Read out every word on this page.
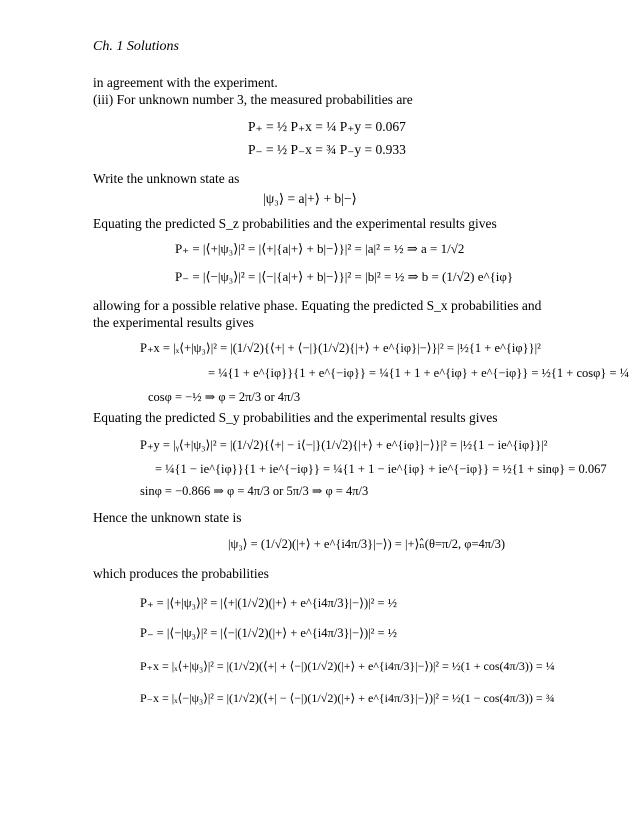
Ch. 1 Solutions
in agreement with the experiment.
(iii) For unknown number 3, the measured probabilities are
P₊ = ½ P₊x = ¼ P₊y = 0.067
P₋ = ½ P₋x = ¾ P₋y = 0.933
Write the unknown state as
|ψ₃⟩ = a|+⟩ + b|−⟩
Equating the predicted S_z probabilities and the experimental results gives
P₊ = |⟨+|ψ₃⟩|² = |⟨+|{a|+⟩ + b|−⟩}|² = |a|² = ½ ⇒ a = 1/√2
P₋ = |⟨−|ψ₃⟩|² = |⟨−|{a|+⟩ + b|−⟩}|² = |b|² = ½ ⇒ b = (1/√2) e^{iφ}
allowing for a possible relative phase. Equating the predicted S_x probabilities and the experimental results gives
P₊x = |ₓ⟨+|ψ₃⟩|² = |(1/√2){⟨+| + ⟨−|}(1/√2){|+⟩ + e^{iφ}|−⟩}|² = |½{1 + e^{iφ}}|²
= ¼{1 + e^{iφ}}{1 + e^{−iφ}} = ¼{1 + 1 + e^{iφ} + e^{−iφ}} = ½{1 + cosφ} = ¼
cosφ = −½ ⇒ φ = 2π/3 or 4π/3
Equating the predicted S_y probabilities and the experimental results gives
P₊y = |ᵧ⟨+|ψ₃⟩|² = |(1/√2){⟨+| − i⟨−|}(1/√2){|+⟩ + e^{iφ}|−⟩}|² = |½{1 − ie^{iφ}}|²
= ¼{1 − ie^{iφ}}{1 + ie^{−iφ}} = ¼{1 + 1 − ie^{iφ} + ie^{−iφ}} = ½{1 + sinφ} = 0.067
sinφ = −0.866 ⇒ φ = 4π/3 or 5π/3 ⇒ φ = 4π/3
Hence the unknown state is
|ψ₃⟩ = (1/√2)(|+⟩ + e^{i4π/3}|−⟩) = |+⟩ₙ̂(θ=π/2, φ=4π/3)
which produces the probabilities
P₊ = |⟨+|ψ₃⟩|² = |⟨+|(1/√2)(|+⟩ + e^{i4π/3}|−⟩)|² = ½
P₋ = |⟨−|ψ₃⟩|² = |⟨−|(1/√2)(|+⟩ + e^{i4π/3}|−⟩)|² = ½
P₊x = |ₓ⟨+|ψ₃⟩|² = |(1/√2)(⟨+| + ⟨−|)(1/√2)(|+⟩ + e^{i4π/3}|−⟩)|² = ½(1 + cos(4π/3)) = ¼
P₋x = |ₓ⟨−|ψ₃⟩|² = |(1/√2)(⟨+| − ⟨−|)(1/√2)(|+⟩ + e^{i4π/3}|−⟩)|² = ½(1 − cos(4π/3)) = ¾
